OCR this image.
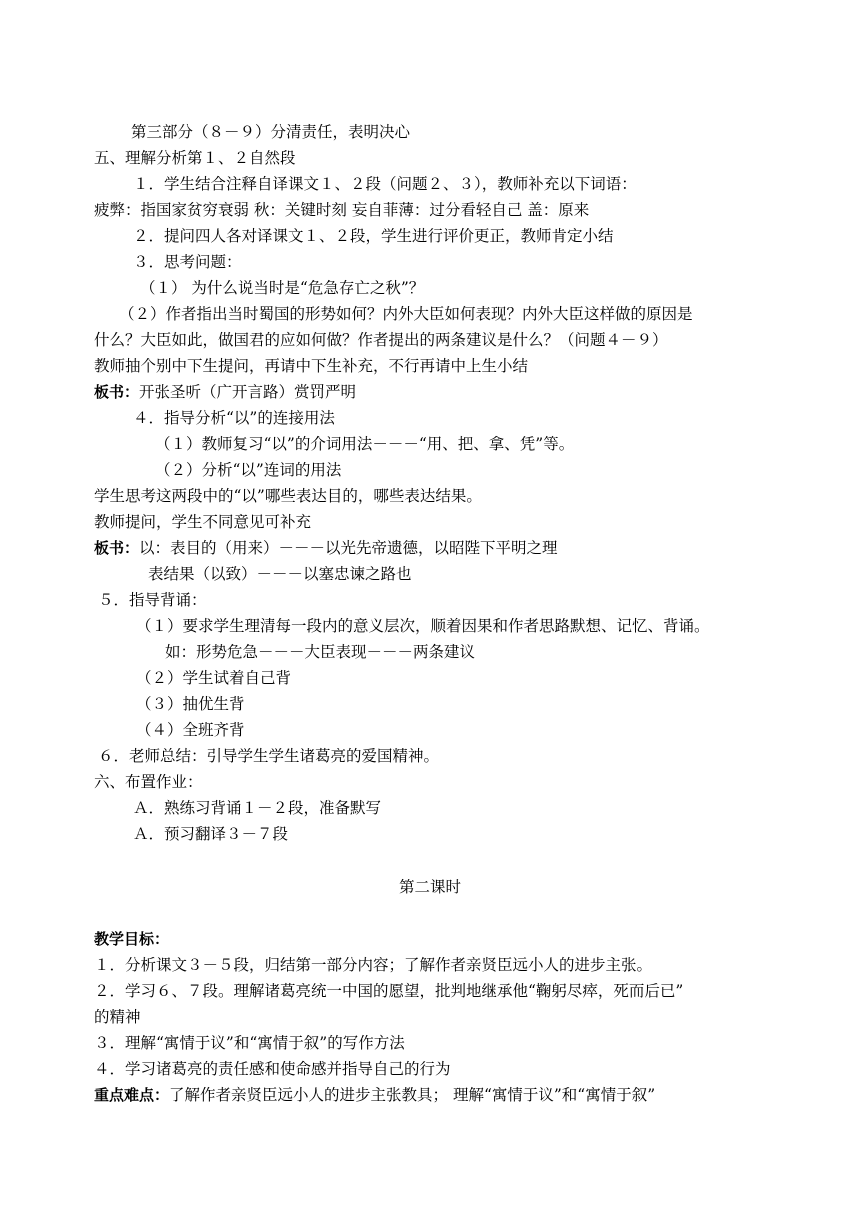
第三部分（８－９）分清责任，表明决心
五、理解分析第１、２自然段
１．学生结合注释自译课文１、２段（问题２、３），教师补充以下词语：
疲弊：指国家贫穷衰弱 秋：关键时刻 妄自菲薄：过分看轻自己 盖：原来
２．提问四人各对译课文１、２段，学生进行评价更正，教师肯定小结
３．思考问题：
（１） 为什么说当时是“危急存亡之秋”？
（２）作者指出当时蜀国的形势如何？内外大臣如何表现？内外大臣这样做的原因是
什么？大臣如此，做国君的应如何做？作者提出的两条建议是什么？（问题４－９）
教师抽个别中下生提问，再请中下生补充，不行再请中上生小结
板书：开张圣听（广开言路）赏罚严明
４．指导分析“以”的连接用法
（１）教师复习“以”的介词用法－－－“用、把、拿、凭”等。
（２）分析“以”连词的用法
学生思考这两段中的“以”哪些表达目的，哪些表达结果。
教师提问，学生不同意见可补充
板书：以：表目的（用来）－－－以光先帝遗德，以昭陛下平明之理
表结果（以致）－－－以塞忠谏之路也
５．指导背诵：
（１）要求学生理清每一段内的意义层次，顺着因果和作者思路默想、记忆、背诵。
如：形势危急－－－大臣表现－－－两条建议
（２）学生试着自己背
（３）抽优生背
（４）全班齐背
６．老师总结：引导学生学生诸葛亮的爱国精神。
六、布置作业：
Ａ．熟练习背诵１－２段，准备默写
Ａ．预习翻译３－７段
第二课时
教学目标：
１．分析课文３－５段，归结第一部分内容；了解作者亲贤臣远小人的进步主张。
２．学习６、７段。理解诸葛亮统一中国的愿望，批判地继承他“鞠躬尽瘁，死而后已”
的精神
３．理解“寓情于议”和“寓情于叙”的写作方法
４．学习诸葛亮的责任感和使命感并指导自己的行为
重点难点：了解作者亲贤臣远小人的进步主张教具； 理解“寓情于议”和“寓情于叙”
